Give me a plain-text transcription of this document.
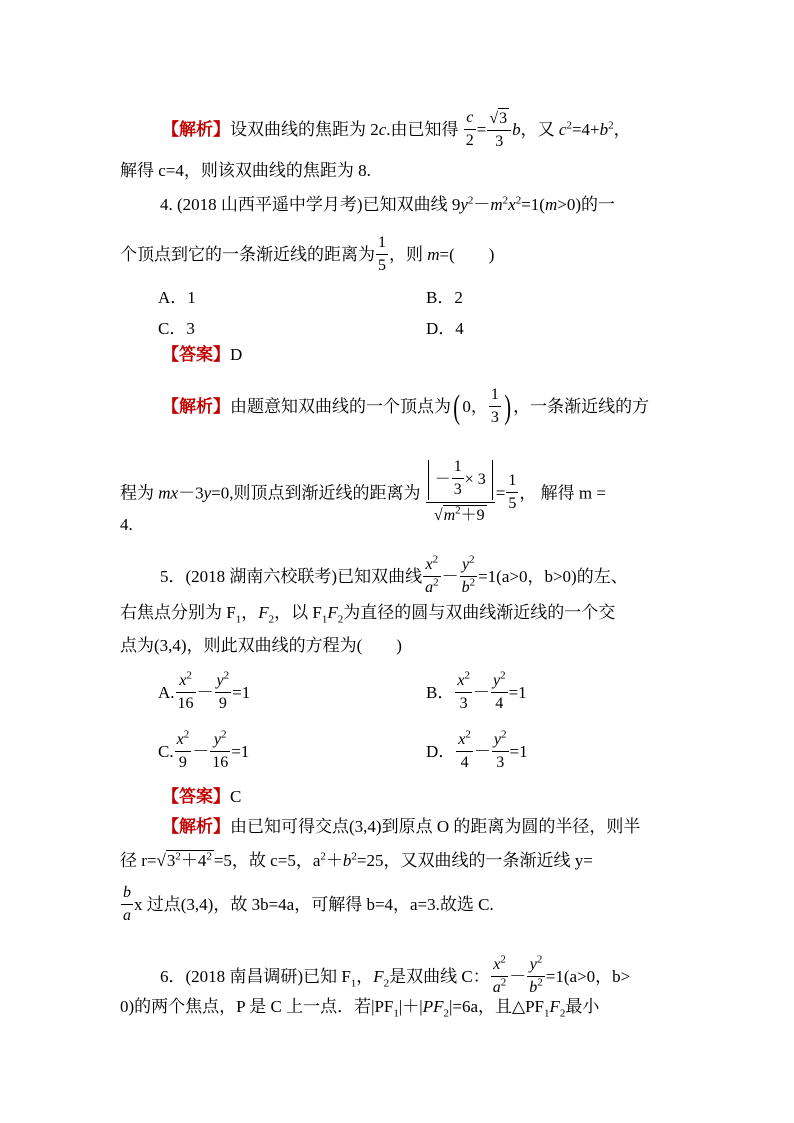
【解析】设双曲线的焦距为 2c.由已知得 $\frac{c}{2} = \frac{√3}{3}$ b，又 $c^2=4+b^2$，
解得 c=4，则该双曲线的焦距为 8.
4. (2018 山西平遥中学月考)已知双曲线 $9y^2-m^2x^2=1(m>0)$的一
个顶点到它的一条渐近线的距离为 $\frac{1}{5}$ ，则 m=(　　)
A．1	B．2
C．3	D．4
【答案】D
【解析】由题意知双曲线的一个顶点为( 0， $\frac{1}{3}$ ) ，一条渐近线的方
程为 mx－3y=0,则顶点到渐近线的距离为 $\frac{- \frac{1}{3} \times 3}{√m^2+9} = \frac{1}{5}$ ， 解得 m =
4.
5．(2018 湖南六校联考)已知双曲线 $\frac{x^2}{a^2} - \frac{y^2}{b^2} =1(a>0$，b>0)的左、
右焦点分别为 $F_1$，$F_2$，以 $F_1F_2$为直径的圆与双曲线渐近线的一个交
点为(3,4)，则此双曲线的方程为(　　)
A. $\frac{x^2}{16} - \frac{y^2}{9} =1$	B． $\frac{x^2}{3} - \frac{y^2}{4} =1$
C. $\frac{x^2}{9} - \frac{y^2}{16} =1$	D． $\frac{x^2}{4} - \frac{y^2}{3} =1$
【答案】C
【解析】由已知可得交点(3,4)到原点 O 的距离为圆的半径，则半
径 $r=√3^2+4^2 =5$，故 c=5，$a^2+b^2=25$，又双曲线的一条渐近线 y=
$\frac{b}{a}$ x 过点(3,4)，故 3b=4a，可解得 b=4，a=3.故选 C.
6．(2018 南昌调研)已知 $F_1$，$F_2$是双曲线 C： $\frac{x^2}{a^2} - \frac{y^2}{b^2} =1(a>0$，b>
0)的两个焦点，P 是 C 上一点．若$|PF_1|+|PF_2|=6a$，且$\triangle PF_1F_2$最小
